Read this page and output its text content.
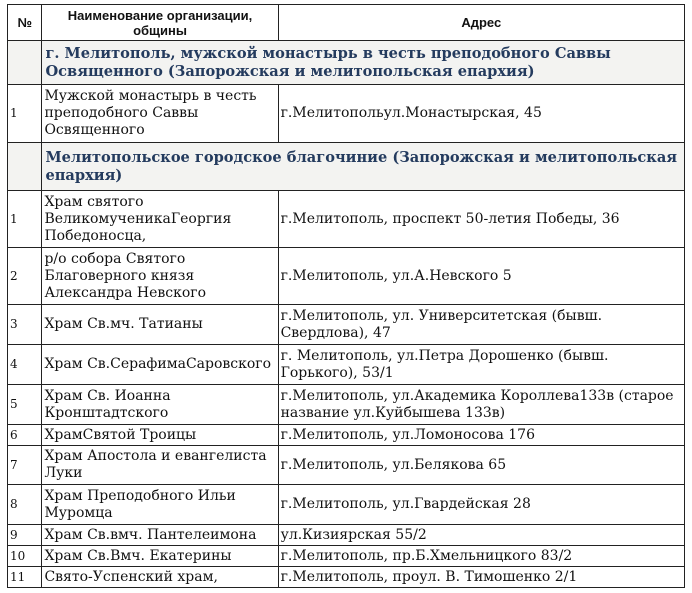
№	Наименование организации, общины	Адрес
	г. Мелитополь, мужской монастырь в честь преподобного Саввы Освященного (Запорожская и мелитопольская епархия)	
1	Мужской монастырь в честь преподобного Саввы Освященного	г.Мелитопольул.Монастырская, 45
	Мелитопольское городское благочиние (Запорожская и мелитопольская епархия)	
1	Храм святого ВеликомученикаГеоргия Победоносца,	г.Мелитополь, проспект 50-летия Победы, 36
2	р/о собора Святого Благоверного князя Александра Невского	г.Мелитополь, ул.А.Невского 5
3	Храм Св.мч. Татианы	г.Мелитополь, ул. Университетская (бывш. Свердлова), 47
4	Храм Св.СерафимаСаровского	г. Мелитополь, ул.Петра Дорошенко (бывш. Горького), 53/1
5	Храм Св. Иоанна Кронштадтского	г.Мелитополь, ул.Академика Короллева133в (старое название ул.Куйбышева 133в)
6	ХрамСвятой Троицы	г.Мелитополь, ул.Ломоносова 176
7	Храм Апостола и евангелиста Луки	г.Мелитополь, ул.Белякова 65
8	Храм Преподобного Ильи Муромца	г.Мелитополь, ул.Гвардейская 28
9	Храм Св.вмч. Пантелеимона	ул.Кизиярская 55/2
10	Храм Св.Вмч. Екатерины	г.Мелитополь, пр.Б.Хмельницкого 83/2
11	Свято-Успенский храм,	г.Мелитополь, проул. В. Тимошенко 2/1
